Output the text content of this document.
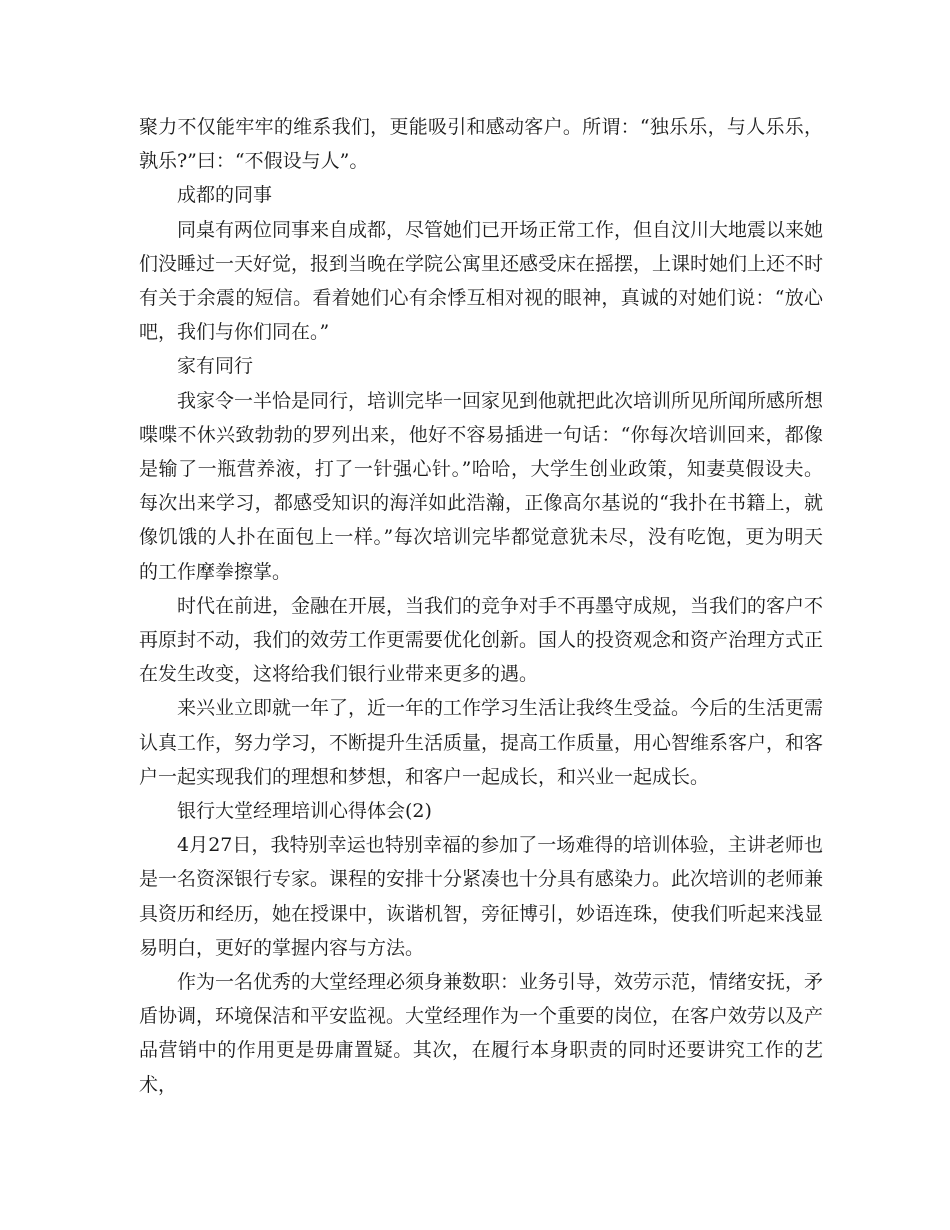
聚力不仅能牢牢的维系我们，更能吸引和感动客户。所谓：“独乐乐，与人乐乐，孰乐?”曰：“不假设与人”。

成都的同事

同桌有两位同事来自成都，尽管她们已开场正常工作，但自汶川大地震以来她们没睡过一天好觉，报到当晚在学院公寓里还感受床在摇摆，上课时她们上还不时有关于余震的短信。看着她们心有余悸互相对视的眼神，真诚的对她们说：“放心吧，我们与你们同在。”

家有同行

我家令一半恰是同行，培训完毕一回家见到他就把此次培训所见所闻所感所想喋喋不休兴致勃勃的罗列出来，他好不容易插进一句话：“你每次培训回来，都像是输了一瓶营养液，打了一针强心针。”哈哈，大学生创业政策，知妻莫假设夫。每次出来学习，都感受知识的海洋如此浩瀚，正像高尔基说的“我扑在书籍上，就像饥饿的人扑在面包上一样。”每次培训完毕都觉意犹未尽，没有吃饱，更为明天的工作摩拳擦掌。

时代在前进，金融在开展，当我们的竞争对手不再墨守成规，当我们的客户不再原封不动，我们的效劳工作更需要优化创新。国人的投资观念和资产治理方式正在发生改变，这将给我们银行业带来更多的遇。

来兴业立即就一年了，近一年的工作学习生活让我终生受益。今后的生活更需认真工作，努力学习，不断提升生活质量，提高工作质量，用心智维系客户，和客户一起实现我们的理想和梦想，和客户一起成长，和兴业一起成长。

银行大堂经理培训心得体会(2)

4月27日，我特别幸运也特别幸福的参加了一场难得的培训体验，主讲老师也是一名资深银行专家。课程的安排十分紧凑也十分具有感染力。此次培训的老师兼具资历和经历，她在授课中，诙谐机智，旁征博引，妙语连珠，使我们听起来浅显易明白，更好的掌握内容与方法。

作为一名优秀的大堂经理必须身兼数职：业务引导，效劳示范，情绪安抚，矛盾协调，环境保洁和平安监视。大堂经理作为一个重要的岗位，在客户效劳以及产品营销中的作用更是毋庸置疑。其次，在履行本身职责的同时还要讲究工作的艺术，
